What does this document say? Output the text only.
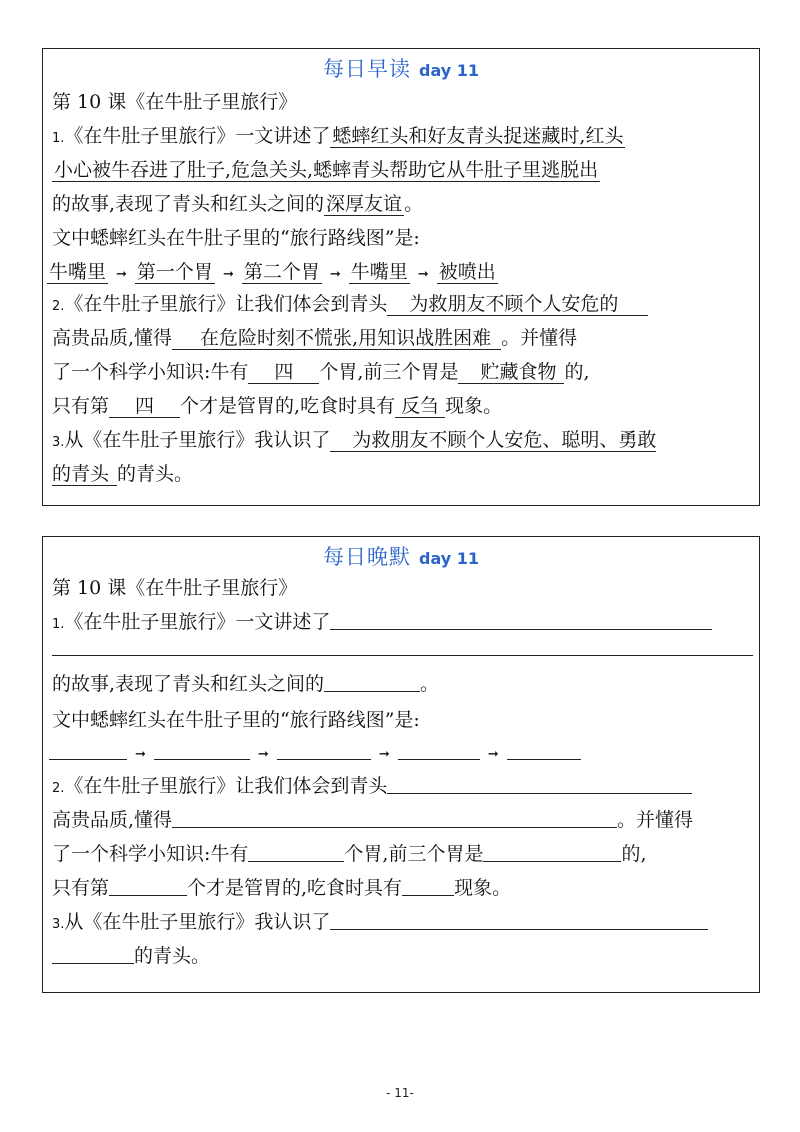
每日早读 day 11
第 10 课《在牛肚子里旅行》
1.《在牛肚子里旅行》一文讲述了 蟋蟀红头和好友青头捉迷藏时,红头
小心被牛吞进了肚子,危急关头,蟋蟀青头帮助它从牛肚子里逃脱出
的故事,表现了青头和红头之间的 深厚友谊 。
文中蟋蟀红头在牛肚子里的“旅行路线图”是:
牛嘴里 ➞ 第一个胃 ➞ 第二个胃 ➞ 牛嘴里 ➞ 被喷出
2.《在牛肚子里旅行》让我们体会到青头 为救朋友不顾个人安危的
高贵品质,懂得 在危险时刻不慌张,用知识战胜困难 。并懂得
了一个科学小知识:牛有 四 个胃,前三个胃是 贮藏食物 的,
只有第 四 个才是管胃的,吃食时具有 反刍 现象。
3.从《在牛肚子里旅行》我认识了 为救朋友不顾个人安危、聪明、勇敢
的青头 的青头。
每日晚默 day 11
第 10 课《在牛肚子里旅行》
1.《在牛肚子里旅行》一文讲述了
的故事,表现了青头和红头之间的	。
文中蟋蟀红头在牛肚子里的“旅行路线图”是:
➞	➞	➞	➞
2.《在牛肚子里旅行》让我们体会到青头
高贵品质,懂得	。并懂得
了一个科学小知识:牛有	个胃,前三个胃是	的,
只有第	个才是管胃的,吃食时具有	现象。
3.从《在牛肚子里旅行》我认识了
的青头。
- 11-
